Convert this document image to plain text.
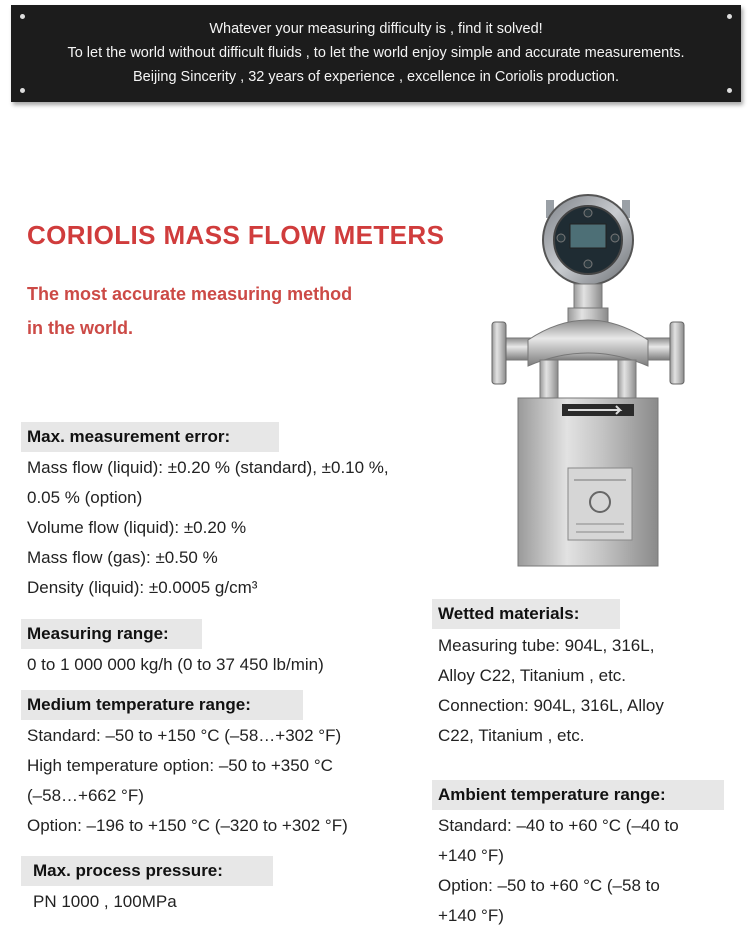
Whatever your measuring difficulty is , find it solved!
To let the world without difficult fluids , to let the world enjoy simple and accurate measurements.
Beijing Sincerity , 32 years of experience , excellence in Coriolis production.
CORIOLIS MASS FLOW METERS
The most accurate measuring method
in the world.
Max. measurement error:
Mass flow (liquid): ±0.20 % (standard), ±0.10 %,
0.05 % (option)
Volume flow (liquid): ±0.20 %
Mass flow (gas): ±0.50 %
Density (liquid): ±0.0005 g/cm³
Measuring range:
0 to 1 000 000 kg/h (0 to 37 450 lb/min)
Medium temperature range:
Standard: –50 to +150 °C (–58…+302 °F)
High temperature option: –50 to +350 °C
(–58…+662 °F)
Option: –196 to +150 °C (–320 to +302 °F)
Max. process pressure:
PN 1000 , 100MPa
Wetted materials:
Measuring tube: 904L, 316L,
Alloy C22, Titanium , etc.
Connection: 904L, 316L, Alloy
C22, Titanium , etc.
Ambient temperature range:
Standard: –40 to +60 °C (–40 to
+140 °F)
Option: –50 to +60 °C (–58 to
+140 °F)
